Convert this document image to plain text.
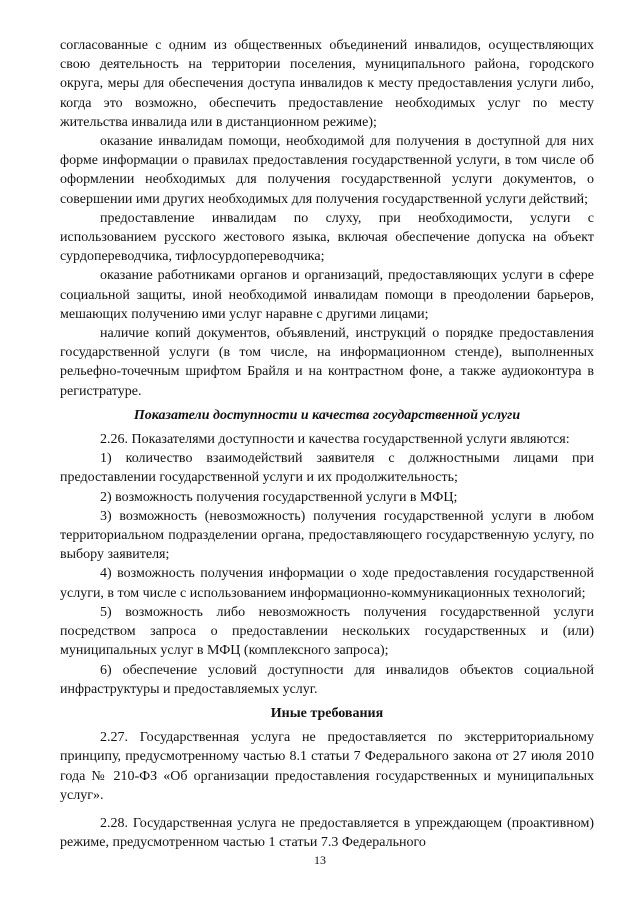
согласованные с одним из общественных объединений инвалидов, осуществляющих свою деятельность на территории поселения, муниципального района, городского округа, меры для обеспечения доступа инвалидов к месту предоставления услуги либо, когда это возможно, обеспечить предоставление необходимых услуг по месту жительства инвалида или в дистанционном режиме);

оказание инвалидам помощи, необходимой для получения в доступной для них форме информации о правилах предоставления государственной услуги, в том числе об оформлении необходимых для получения государственной услуги документов, о совершении ими других необходимых для получения государственной услуги действий;

предоставление инвалидам по слуху, при необходимости, услуги с использованием русского жестового языка, включая обеспечение допуска на объект сурдопереводчика, тифлосурдопереводчика;

оказание работниками органов и организаций, предоставляющих услуги в сфере социальной защиты, иной необходимой инвалидам помощи в преодолении барьеров, мешающих получению ими услуг наравне с другими лицами;

наличие копий документов, объявлений, инструкций о порядке предоставления государственной услуги (в том числе, на информационном стенде), выполненных рельефно-точечным шрифтом Брайля и на контрастном фоне, а также аудиоконтура в регистратуре.

Показатели доступности и качества государственной услуги

2.26. Показателями доступности и качества государственной услуги являются:

1) количество взаимодействий заявителя с должностными лицами при предоставлении государственной услуги и их продолжительность;

2) возможность получения государственной услуги в МФЦ;

3) возможность (невозможность) получения государственной услуги в любом территориальном подразделении органа, предоставляющего государственную услугу, по выбору заявителя;

4) возможность получения информации о ходе предоставления государственной услуги, в том числе с использованием информационно-коммуникационных технологий;

5) возможность либо невозможность получения государственной услуги посредством запроса о предоставлении нескольких государственных и (или) муниципальных услуг в МФЦ (комплексного запроса);

6) обеспечение условий доступности для инвалидов объектов социальной инфраструктуры и предоставляемых услуг.

Иные требования

2.27. Государственная услуга не предоставляется по экстерриториальному принципу, предусмотренному частью 8.1 статьи 7 Федерального закона от 27 июля 2010 года № 210-ФЗ «Об организации предоставления государственных и муниципальных услуг».

2.28. Государственная услуга не предоставляется в упреждающем (проактивном) режиме, предусмотренном частью 1 статьи 7.3 Федерального

13
